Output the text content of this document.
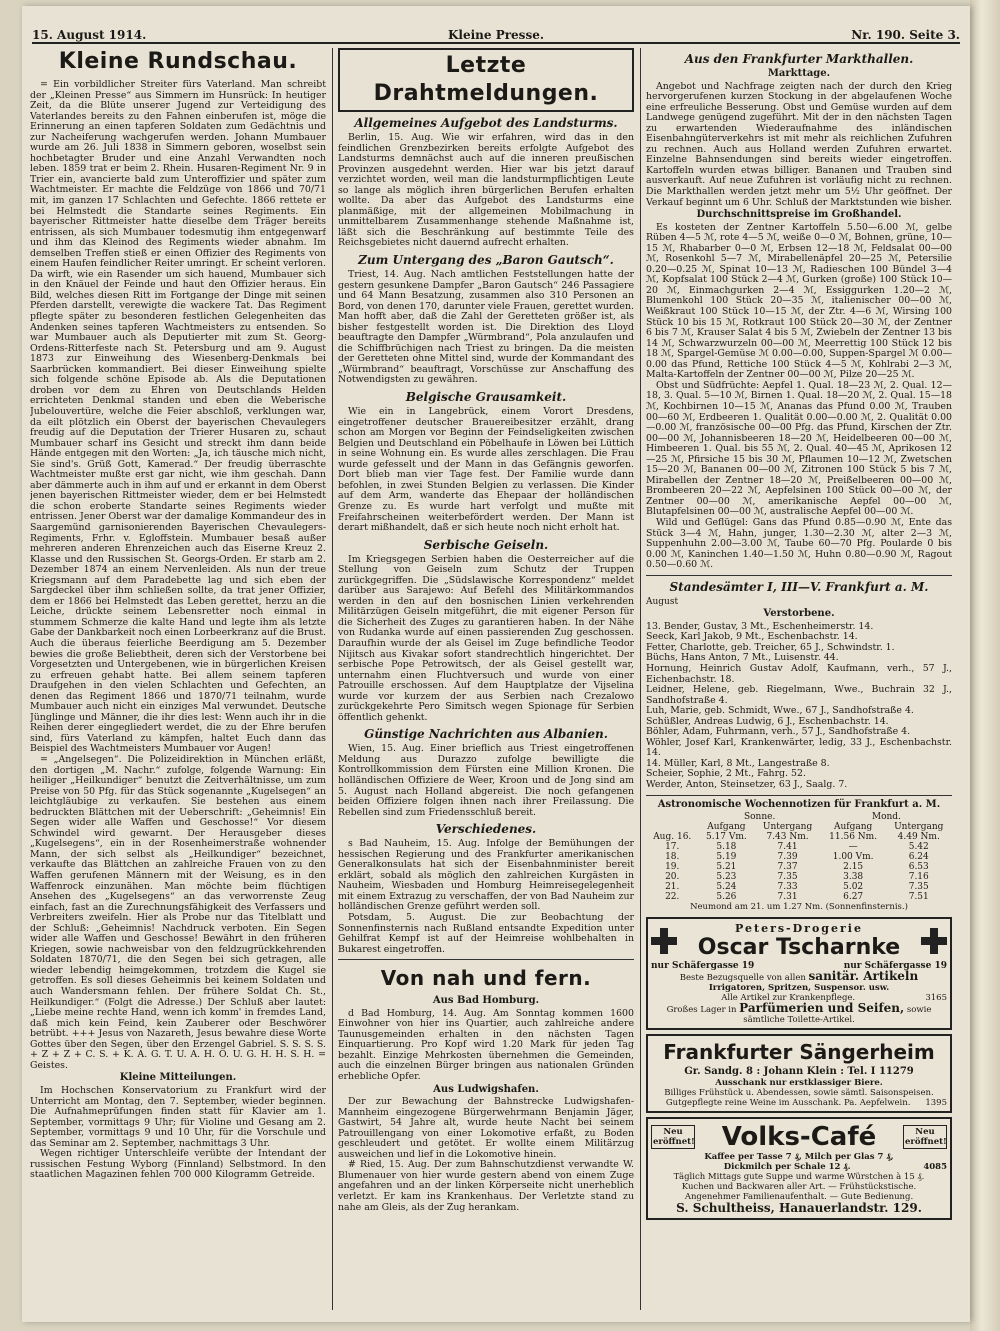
Kleine Presse.
15. August 1914.	Nr. 190. Seite 3.
Kleine Rundschau.

= Ein vorbildlicher Streiter fürs Vaterland. Man schreibt der „Kleinen Presse“ aus Simmern im Hunsrück: In heutiger Zeit, da die Blüte unserer Jugend zur Verteidigung des Vaterlandes bereits zu den Fahnen einberufen ist, möge die Erinnerung an einen tapferen Soldaten zum Gedächtnis und zur Nacheiferung wachgerufen werden. Johann Mumbauer wurde am 26. Juli 1838 in Simmern geboren, woselbst sein hochbetagter Bruder und eine Anzahl Verwandten noch leben. 1859 trat er beim 2. Rhein. Husaren-Regiment Nr. 9 in Trier ein, avancierte bald zum Unteroffizier und später zum Wachtmeister. Er machte die Feldzüge von 1866 und 70/71 mit, im ganzen 17 Schlachten und Gefechte. 1866 rettete er bei Helmstedt die Standarte seines Regiments. Ein bayerischer Rittmeister hatte dieselbe dem Träger bereits entrissen, als sich Mumbauer todesmutig ihm entgegenwarf und ihm das Kleinod des Regiments wieder abnahm. Im demselben Treffen stieß er einen Offizier des Regiments von einem Haufen feindlicher Reiter umringt. Er scheint verloren. Da wirft, wie ein Rasender um sich hauend, Mumbauer sich in den Knäuel der Feinde und haut den Offizier heraus. Ein Bild, welches diesen Ritt im Fortgange der Dinge mit seinen Pferden darstellt, verewigte die wackere Tat. Das Regiment pflegte später zu besonderen festlichen Gelegenheiten das Andenken seines tapferen Wachtmeisters zu entsenden. So war Mumbauer auch als Deputierter mit zum St. Georg-Ordens-Ritterfeste nach St. Petersburg und am 9. August 1873 zur Einweihung des Wiesenberg-Denkmals bei Saarbrücken kommandiert. Bei dieser Einweihung spielte sich folgende schöne Episode ab. Als die Deputationen droben vor dem zu Ehren von Deutschlands Helden errichteten Denkmal standen und eben die Weberische Jubelouvertüre, welche die Feier abschloß, verklungen war, da eilt plötzlich ein Oberst der bayerischen Chevaulegers freudig auf die Deputation der Trierer Husaren zu, schaut Mumbauer scharf ins Gesicht und streckt ihm dann beide Hände entgegen mit den Worten: „Ja, ich täusche mich nicht, Sie sind's. Grüß Gott, Kamerad.“ Der freudig überraschte Wachtmeister mußte erst gar nicht, wie ihm geschah. Dann aber dämmerte auch in ihm auf und er erkannt in dem Oberst jenen bayerischen Rittmeister wieder, dem er bei Helmstedt die schon eroberte Standarte seines Regiments wieder entrissen. Jener Oberst war der damalige Kommandeur des in Saargemünd garnisonierenden Bayerischen Chevaulegers-Regiments, Frhr. v. Egloffstein. Mumbauer besaß außer mehreren anderen Ehrenzeichen auch das Eiserne Kreuz 2. Klasse und den Russischen St. Georgs-Orden. Er starb am 2. Dezember 1874 an einem Nervenleiden. Als nun der treue Kriegsmann auf dem Paradebette lag und sich eben der Sargdeckel über ihm schließen sollte, da trat jener Offizier, dem er 1866 bei Helmstedt das Leben gerettet, herzu an die Leiche, drückte seinem Lebensretter noch einmal in stummem Schmerze die kalte Hand und legte ihm als letzte Gabe der Dankbarkeit noch einen Lorbeerkranz auf die Brust. Auch die überaus feierliche Beerdigung am 5. Dezember bewies die große Beliebtheit, deren sich der Verstorbene bei Vorgesetzten und Untergebenen, wie in bürgerlichen Kreisen zu erfreuen gehabt hatte. Bei allem seinem tapferen Draufgehen in den vielen Schlachten und Gefechten, an denen das Regiment 1866 und 1870/71 teilnahm, wurde Mumbauer auch nicht ein einziges Mal verwundet. Deutsche Jünglinge und Männer, die ihr dies lest: Wenn auch ihr in die Reihen derer eingegliedert werdet, die zu der Ehre berufen sind, fürs Vaterland zu kämpfen, haltet Euch dann das Beispiel des Wachtmeisters Mumbauer vor Augen!

= „Angelsegen“. Die Polizeidirektion in München erläßt, den dortigen „M. Nachr.“ zufolge, folgende Warnung: Ein heiliger „Heilkundiger“ benutzt die Zeitverhältnisse, um zum Preise von 50 Pfg. für das Stück sogenannte „Kugelsegen“ an leichtgläubige zu verkaufen. Sie bestehen aus einem bedruckten Blättchen mit der Ueberschrift: „Geheimnis! Ein Segen wider alle Waffen und Geschosse!“ Vor diesem Schwindel wird gewarnt. Der Herausgeber dieses „Kugelsegens“, ein in der Rosenheimerstraße wohnender Mann, der sich selbst als „Heilkundiger“ bezeichnet, verkaufte das Blättchen an zahlreiche Frauen von zu den Waffen gerufenen Männern mit der Weisung, es in den Waffenrock einzunähen. Man möchte beim flüchtigen Ansehen des „Kugelsegens“ an das verworrenste Zeug einfach, fast an die Zurechnungsfähigkeit des Verfassers und Verbreiters zweifeln. Hier als Probe nur das Titelblatt und der Schluß: „Geheimnis! Nachdruck verboten. Ein Segen wider alle Waffen und Geschosse! Bewährt in den früheren Kriegen, sowie nachweisbar von den feldzugrückkehrenden Soldaten 1870/71, die den Segen bei sich getragen, alle wieder lebendig heimgekommen, trotzdem die Kugel sie getroffen. Es soll dieses Geheimnis bei keinem Soldaten und auch Wandersmann fehlen. Der frühere Soldat Ch. St., Heilkundiger.“ (Folgt die Adresse.) Der Schluß aber lautet: „Liebe meine rechte Hand, wenn ich komm' in fremdes Land, daß mich kein Feind, kein Zauberer oder Beschwörer betrübt. +++ Jesus von Nazareth, Jesus bewahre diese Worte Gottes über den Segen, über den Erzengel Gabriel. S. S. S. S. + Z + Z + C. S. + K. A. G. T. U. A. H. O. U. G. H. H. S. H. = Geistes.

Kleine Mitteilungen.

Im Hochschen Konservatorium zu Frankfurt wird der Unterricht am Montag, den 7. September, wieder beginnen. Die Aufnahmeprüfungen finden statt für Klavier am 1. September, vormittags 9 Uhr; für Violine und Gesang am 2. September, vormittags 9 und 10 Uhr, für die Vorschule und das Seminar am 2. September, nachmittags 3 Uhr.

Wegen richtiger Unterschleife verübte der Intendant der russischen Festung Wyborg (Finnland) Selbstmord. In den staatlichen Magazinen fehlen 700 000 Kilogramm Getreide.

Letzte Drahtmeldungen.
Allgemeines Aufgebot des Landsturms.

Berlin, 15. Aug. Wie wir erfahren, wird das in den feindlichen Grenzbezirken bereits erfolgte Aufgebot des Landsturms demnächst auch auf die inneren preußischen Provinzen ausgedehnt werden. Hier war bis jetzt darauf verzichtet worden, weil man die landsturmpflichtigen Leute so lange als möglich ihren bürgerlichen Berufen erhalten wollte. Da aber das Aufgebot des Landsturms eine planmäßige, mit der allgemeinen Mobilmachung in unmittelbarem Zusammenhange stehende Maßnahme ist, läßt sich die Beschränkung auf bestimmte Teile des Reichsgebietes nicht dauernd aufrecht erhalten.

Zum Untergang des „Baron Gautsch“.

Triest, 14. Aug. Nach amtlichen Feststellungen hatte der gestern gesunkene Dampfer „Baron Gautsch“ 246 Passagiere und 64 Mann Besatzung, zusammen also 310 Personen an Bord, von denen 170, darunter viele Frauen, gerettet wurden. Man hofft aber, daß die Zahl der Geretteten größer ist, als bisher festgestellt worden ist. Die Direktion des Lloyd beauftragte den Dampfer „Würmbrand“, Pola anzulaufen und die Schiffbrüchigen nach Triest zu bringen. Da die meisten der Geretteten ohne Mittel sind, wurde der Kommandant des „Würmbrand“ beauftragt, Vorschüsse zur Anschaffung des Notwendigsten zu gewähren.

Belgische Grausamkeit.

Wie ein in Langebrück, einem Vorort Dresdens, eingetroffener deutscher Brauereibesitzer erzählt, drang schon am Morgen vor Beginn der Feindseligkeiten zwischen Belgien und Deutschland ein Pöbelhaufe in Löwen bei Lüttich in seine Wohnung ein. Es wurde alles zerschlagen. Die Frau wurde gefesselt und der Mann in das Gefängnis geworfen. Dort blieb man vier Tage fest. Der Familie wurde dann befohlen, in zwei Stunden Belgien zu verlassen. Die Kinder auf dem Arm, wanderte das Ehepaar der holländischen Grenze zu. Es wurde hart verfolgt und mußte mit Freifahrscheinen weiterbefördert werden. Der Mann ist derart mißhandelt, daß er sich heute noch nicht erholt hat.

Serbische Geiseln.

Im Kriegsgegen Serbien haben die Oesterreicher auf die Stellung von Geiseln zum Schutz der Truppen zurückgegriffen. Die „Südslawische Korrespondenz“ meldet darüber aus Sarajewo: Auf Befehl des Militärkommandos werden in den auf den bosnischen Linien verkehrenden Militärzügen Geiseln mitgeführt, die mit eigener Person für die Sicherheit des Zuges zu garantieren haben. In der Nähe von Rudanka wurde auf einen passierenden Zug geschossen. Daraufhin wurde der als Geisel im Zuge befindliche Teodor Nijitsch aus Kivakar sofort standrechtlich hingerichtet. Der serbische Pope Petrowitsch, der als Geisel gestellt war, unternahm einen Fluchtversuch und wurde von einer Patrouille erschossen. Auf dem Hauptplatze der Vijselina wurde vor kurzem der aus Serbien nach Crezalowo zurückgekehrte Pero Simitsch wegen Spionage für Serbien öffentlich gehenkt.

Günstige Nachrichten aus Albanien.

Wien, 15. Aug. Einer brieflich aus Triest eingetroffenen Meldung aus Durazzo zufolge bewilligte die Kontrollkommission dem Fürsten eine Million Kronen. Die holländischen Offiziere de Weer, Kroon und de Jong sind am 5. August nach Holland abgereist. Die noch gefangenen beiden Offiziere folgen ihnen nach ihrer Freilassung. Die Rebellen sind zum Friedensschluß bereit.

Verschiedenes.

s Bad Nauheim, 15. Aug. Infolge der Bemühungen der hessischen Regierung und des Frankfurter amerikanischen Generalkonsulats hat sich der Eisenbahnminister bereit erklärt, sobald als möglich den zahlreichen Kurgästen in Nauheim, Wiesbaden und Homburg Heimreisegelegenheit mit einem Extrazug zu verschaffen, der von Bad Nauheim zur holländischen Grenze geführt werden soll.

Potsdam, 5. August. Die zur Beobachtung der Sonnenfinsternis nach Rußland entsandte Expedition unter Gehilfrat Kempf ist auf der Heimreise wohlbehalten in Bukarest eingetroffen.

Von nah und fern.
Aus Bad Homburg.

d Bad Homburg, 14. Aug. Am Sonntag kommen 1600 Einwohner von hier ins Quartier, auch zahlreiche andere Taunusgemeinden erhalten in den nächsten Tagen Einquartierung. Pro Kopf wird 1.20 Mark für jeden Tag bezahlt. Einzige Mehrkosten übernehmen die Gemeinden, auch die einzelnen Bürger bringen aus nationalen Gründen erhebliche Opfer.

Aus Ludwigshafen.

Der zur Bewachung der Bahnstrecke Ludwigshafen-Mannheim eingezogene Bürgerwehrmann Benjamin Jäger, Gastwirt, 54 Jahre alt, wurde heute Nacht bei seinem Patrouillengang von einer Lokomotive erfaßt, zu Boden geschleudert und getötet. Er wollte einem Militärzug ausweichen und lief in die Lokomotive hinein.

# Ried, 15. Aug. Der zum Bahnschutzdienst verwandte W. Blumenauer von hier wurde gestern abend von einem Zuge angefahren und an der linken Körperseite nicht unerheblich verletzt. Er kam ins Krankenhaus. Der Verletzte stand zu nahe am Gleis, als der Zug herankam.

Aus den Frankfurter Markthallen.
Markttage.

Angebot und Nachfrage zeigten nach der durch den Krieg hervorgerufenen kurzen Stockung in der abgelaufenen Woche eine erfreuliche Besserung. Obst und Gemüse wurden auf dem Landwege genügend zugeführt. Mit der in den nächsten Tagen zu erwartenden Wiederaufnahme des inländischen Eisenbahngüterverkehrs ist mit mehr als reichlichen Zufuhren zu rechnen. Auch aus Holland werden Zufuhren erwartet. Einzelne Bahnsendungen sind bereits wieder eingetroffen. Kartoffeln wurden etwas billiger. Bananen und Trauben sind ausverkauft. Auf neue Zufuhren ist vorläufig nicht zu rechnen. Die Markthallen werden jetzt mehr um 5½ Uhr geöffnet. Der Verkauf beginnt um 6 Uhr. Schluß der Marktstunden wie bisher.

Durchschnittspreise im Großhandel.

Es kosteten der Zentner Kartoffeln 5.50—6.00 ℳ, gelbe Rüben 4—5 ℳ, rote 4—5 ℳ, weiße 0—0 ℳ, Bohnen, grüne, 10—15 ℳ, Rhabarber 0—0 ℳ, Erbsen 12—18 ℳ, Feldsalat 00—00 ℳ, Rosenkohl 5—7 ℳ, Mirabellenäpfel 20—25 ℳ, Petersilie 0.20—0.25 ℳ, Spinat 10—13 ℳ, Radieschen 100 Bündel 3—4 ℳ, Kopfsalat 100 Stück 2—4 ℳ, Gurken (große) 100 Stück 10—20 ℳ, Einmachgurken 2—4 ℳ, Essiggurken 1.20—2 ℳ, Blumenkohl 100 Stück 20—35 ℳ, italienischer 00—00 ℳ, Weißkraut 100 Stück 10—15 ℳ, der Ztr. 4—6 ℳ, Wirsing 100 Stück 10 bis 15 ℳ, Rotkraut 100 Stück 20—30 ℳ, der Zentner 6 bis 7 ℳ, Krauser Salat 4 bis 5 ℳ, Zwiebeln der Zentner 13 bis 14 ℳ, Schwarzwurzeln 00—00 ℳ, Meerrettig 100 Stück 12 bis 18 ℳ, Spargel-Gemüse ℳ 0.00—0.00, Suppen-Spargel ℳ 0.00—0.00 das Pfund, Rettiche 100 Stück 4—5 ℳ, Kohlrabi 2—3 ℳ, Malta-Kartoffeln der Zentner 00—00 ℳ, Pilze 20—25 ℳ.

Obst und Südfrüchte: Aepfel 1. Qual. 18—23 ℳ, 2. Qual. 12—18, 3. Qual. 5—10 ℳ, Birnen 1. Qual. 18—20 ℳ, 2. Qual. 15—18 ℳ, Kochbirnen 10—15 ℳ, Ananas das Pfund 0.00 ℳ, Trauben 00—60 ℳ, Erdbeeren 1. Qualität 0.00—0.00 ℳ, 2. Qualität 0.00—0.00 ℳ, französische 00—00 Pfg. das Pfund, Kirschen der Ztr. 00—00 ℳ, Johannisbeeren 18—20 ℳ, Heidelbeeren 00—00 ℳ, Himbeeren 1. Qual. bis 55 ℳ, 2. Qual. 40—45 ℳ, Aprikosen 12—25 ℳ, Pfirsiche 15 bis 30 ℳ, Pflaumen 10—12 ℳ, Zwetschen 15—20 ℳ, Bananen 00—00 ℳ, Zitronen 100 Stück 5 bis 7 ℳ, Mirabellen der Zentner 18—20 ℳ, Preißelbeeren 00—00 ℳ, Brombeeren 20—22 ℳ, Aepfelsinen 100 Stück 00—00 ℳ, der Zentner 00—00 ℳ, amerikanische Aepfel 00—00 ℳ, Blutapfelsinen 00—00 ℳ, australische Aepfel 00—00 ℳ.

Wild und Geflügel: Gans das Pfund 0.85—0.90 ℳ, Ente das Stück 3—4 ℳ, Hahn, junger, 1.30—2.30 ℳ, alter 2—3 ℳ, Suppenhuhn 2.00—3.00 ℳ, Taube 60—70 Pfg. Poularde 0 bis 0.00 ℳ, Kaninchen 1.40—1.50 ℳ, Huhn 0.80—0.90 ℳ, Ragout 0.50—0.60 ℳ.

Standesämter I, III—V. Frankfurt a. M.
August
Verstorbene.
13. Bender, Gustav, 3 Mt., Eschenheimerstr. 14.
Seeck, Karl Jakob, 9 Mt., Eschenbachstr. 14.
Fetter, Charlotte, geb. Treicher, 65 J., Schwindstr. 1.
Büchs, Hans Anton, 7 Mt., Luisenstr. 44.
Hornung, Heinrich Gustav Adolf, Kaufmann, verh., 57 J., Eichenbachstr. 18.
Leidner, Helene, geb. Riegelmann, Wwe., Buchrain 32 J., Sandhofstraße 4.
Luh, Marie, geb. Schmidt, Wwe., 67 J., Sandhofstraße 4.
Schüßler, Andreas Ludwig, 6 J., Eschenbachstr. 14.
Böhler, Adam, Fuhrmann, verh., 57 J., Sandhofstraße 4.
Wöhler, Josef Karl, Krankenwärter, ledig, 33 J., Eschenbachstr. 14.
14. Müller, Karl, 8 Mt., Langestraße 8.
Scheier, Sophie, 2 Mt., Fahrg. 52.
Werder, Anton, Steinsetzer, 63 J., Saalg. 7.
Astronomische Wochennotizen für Frankfurt a. M.
	Sonne.		Mond.	
	Aufgang	Untergang	Aufgang	Untergang
Aug. 16.	5.17 Vm.	7.43 Nm.	11.56 Nm.	4.49 Nm.
17.	5.18	7.41	—	5.42
18.	5.19	7.39	1.00 Vm.	6.24
19.	5.21	7.37	2.15	6.53
20.	5.23	7.35	3.38	7.16
21.	5.24	7.33	5.02	7.35
22.	5.26	7.31	6.27	7.51
Neumond am 21. um 1.27 Nm. (Sonnenfinsternis.)
Peters-Drogerie
Oscar Tscharnke
nur Schäfergasse 19	nur Schäfergasse 19
Beste Bezugsquelle von allen sanitär. Artikeln
Irrigatoren, Spritzen, Suspensor. usw.
Alle Artikel zur Krankenpflege.	3165
Großes Lager in Parfümerien und Seifen, sowie sämtliche Toilette-Artikel.
Frankfurter Sängerheim
Gr. Sandg. 8 : Johann Klein : Tel. I 11279
Ausschank nur erstklassiger Biere.
Billiges Frühstück u. Abendessen, sowie sämtl. Saisonspeisen.
Gutgepflegte reine Weine im Ausschank. Pa. Aepfelwein. 1395
Neu eröffnet! Volks-Café	Neu eröffnet!
Kaffee per Tasse 7 ₰, Milch per Glas 7 ₰,
Dickmilch per Schale 12 ₰.	4085
Täglich Mittags gute Suppe und warme Würstchen à 15 ₰.
Kuchen und Backwaren aller Art. — Frühstückstische.
Angenehmer Familienaufenthalt. — Gute Bedienung.
S. Schultheiss, Hanauerlandstr. 129.
